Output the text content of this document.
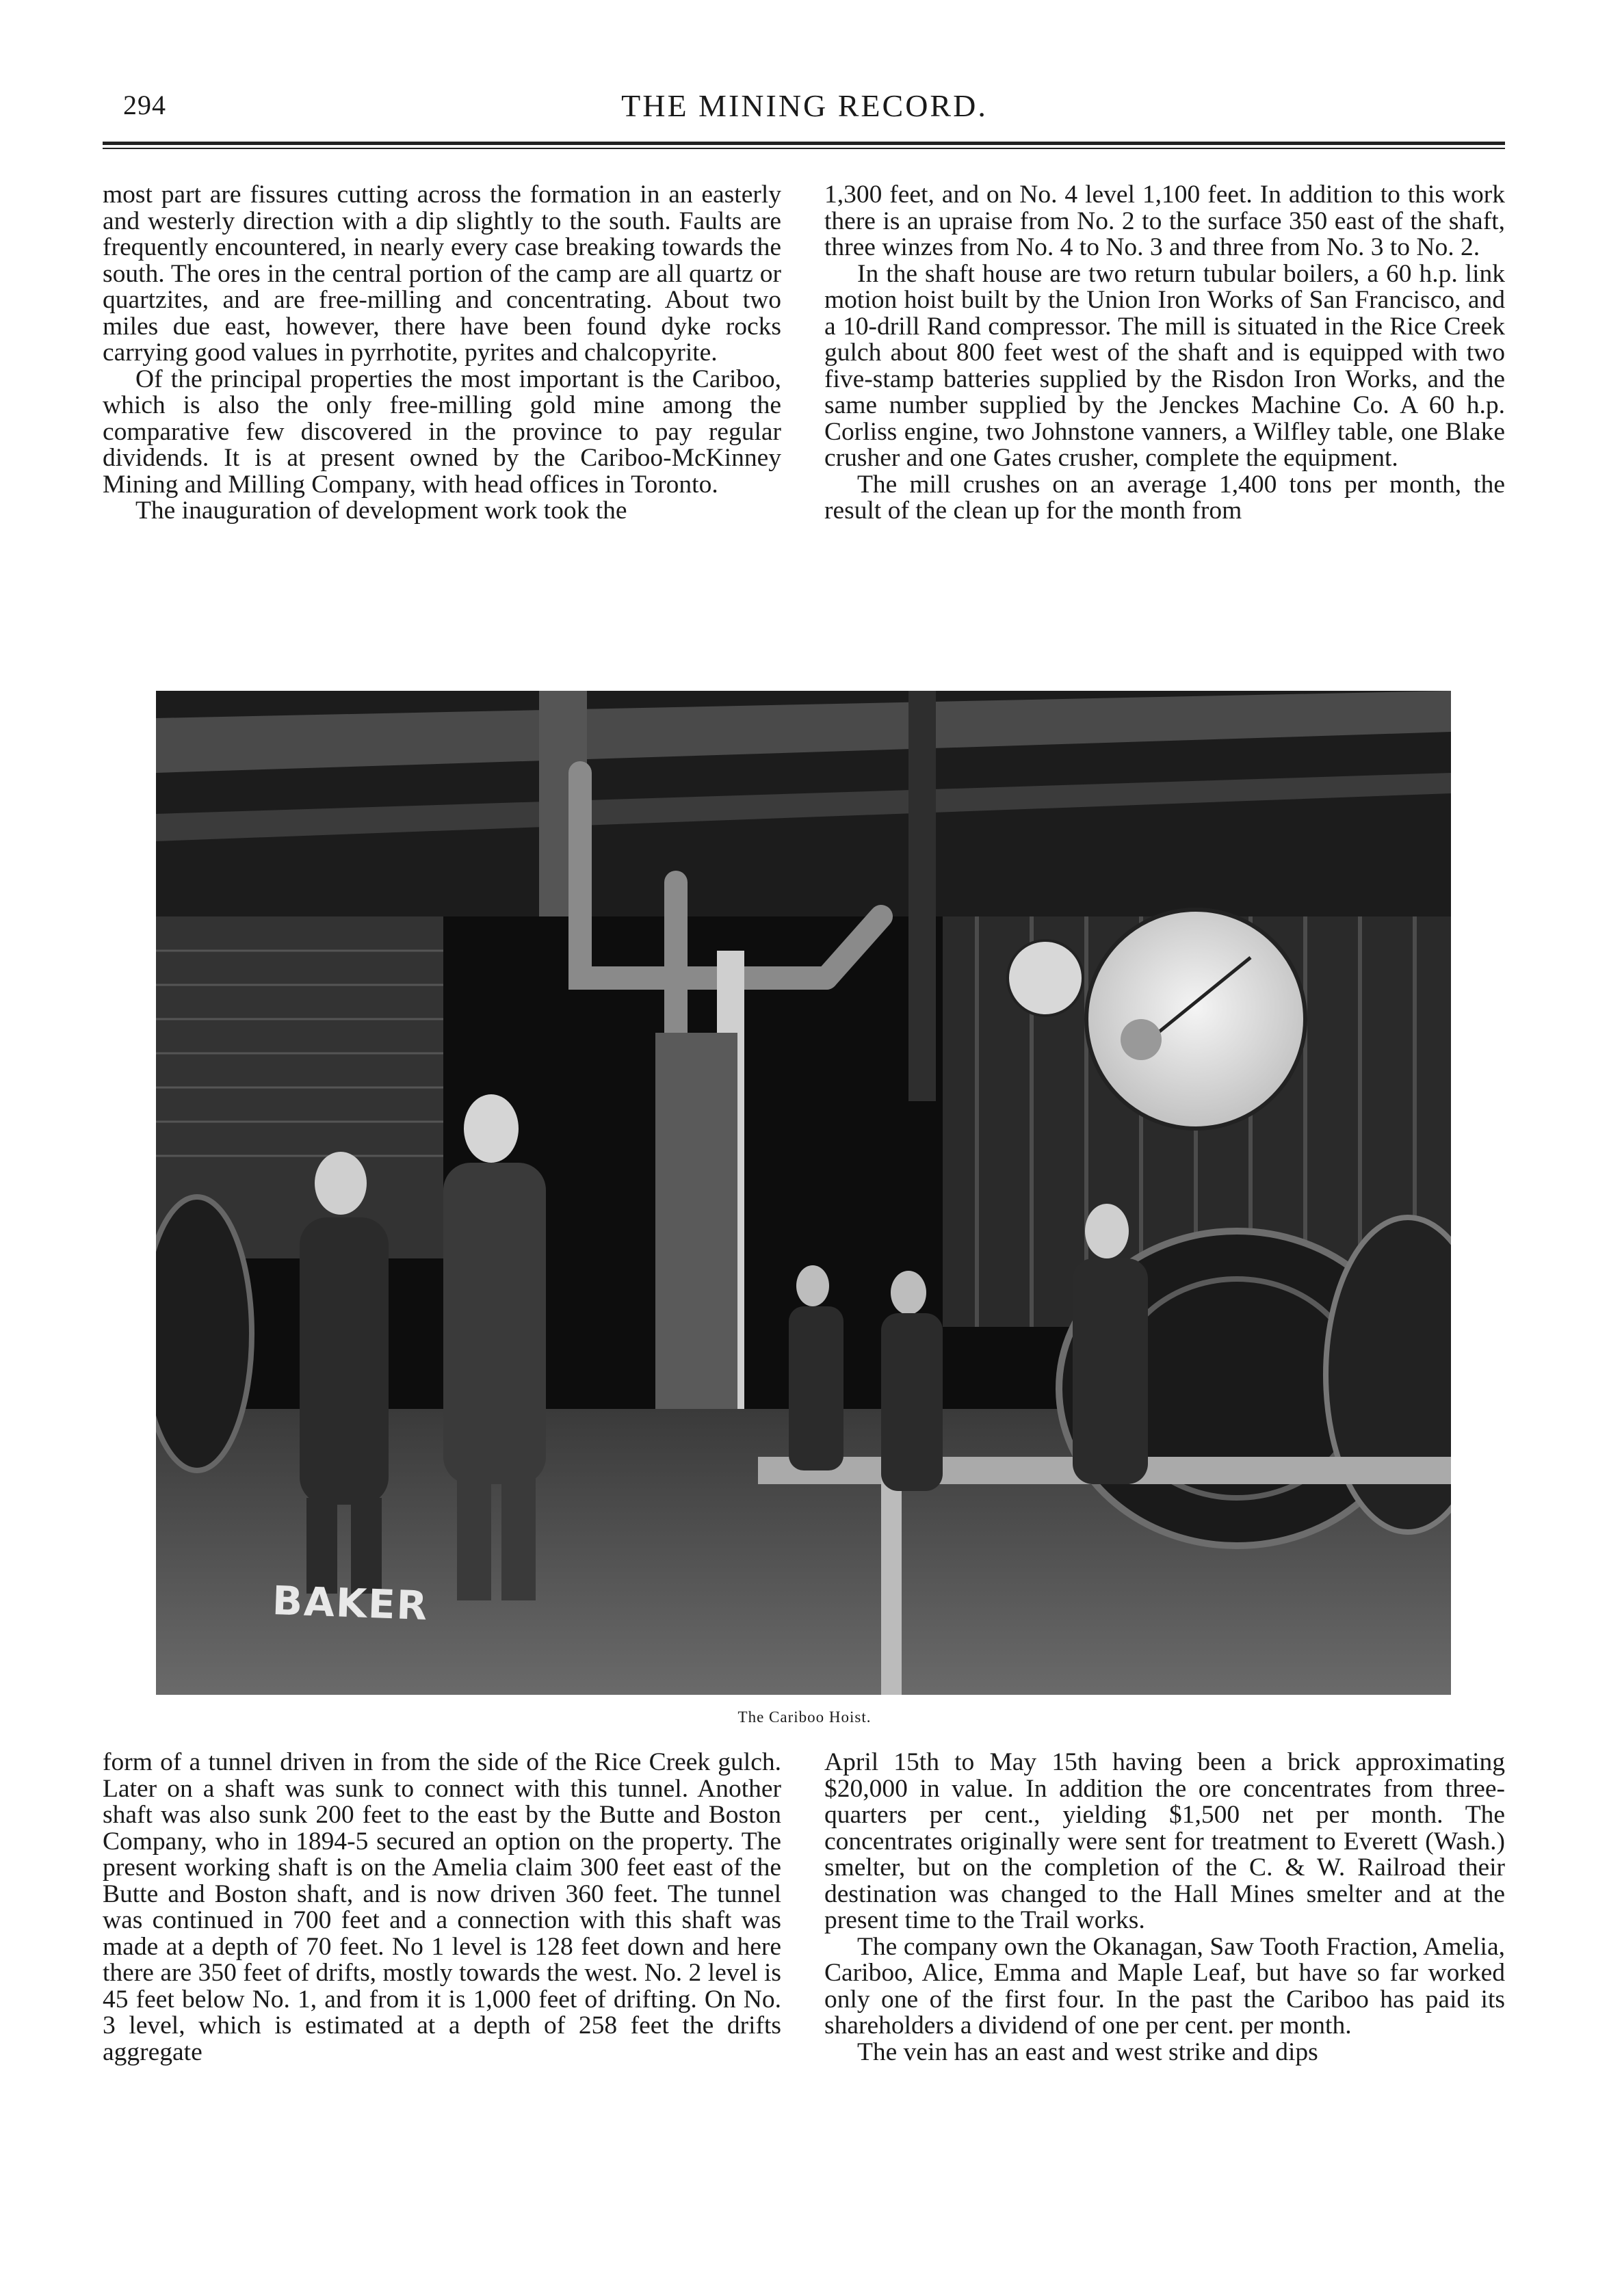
294	THE MINING RECORD.

most part are fissures cutting across the formation in an easterly and westerly direction with a dip slightly to the south. Faults are frequently encountered, in nearly every case breaking towards the south. The ores in the central portion of the camp are all quartz or quartzites, and are free-milling and concentrating. About two miles due east, however, there have been found dyke rocks carrying good values in pyrrhotite, pyrites and chalcopyrite.

Of the principal properties the most important is the Cariboo, which is also the only free-milling gold mine among the comparative few discovered in the province to pay regular dividends. It is at present owned by the Cariboo-McKinney Mining and Milling Company, with head offices in Toronto.

The inauguration of development work took the

1,300 feet, and on No. 4 level 1,100 feet. In addition to this work there is an upraise from No. 2 to the surface 350 east of the shaft, three winzes from No. 4 to No. 3 and three from No. 3 to No. 2.

In the shaft house are two return tubular boilers, a 60 h.p. link motion hoist built by the Union Iron Works of San Francisco, and a 10-drill Rand compressor. The mill is situated in the Rice Creek gulch about 800 feet west of the shaft and is equipped with two five-stamp batteries supplied by the Risdon Iron Works, and the same number supplied by the Jenckes Machine Co. A 60 h.p. Corliss engine, two Johnstone vanners, a Wilfley table, one Blake crusher and one Gates crusher, complete the equipment.

The mill crushes on an average 1,400 tons per month, the result of the clean up for the month from

BAKER
The Cariboo Hoist.

form of a tunnel driven in from the side of the Rice Creek gulch. Later on a shaft was sunk to connect with this tunnel. Another shaft was also sunk 200 feet to the east by the Butte and Boston Company, who in 1894-5 secured an option on the property. The present working shaft is on the Amelia claim 300 feet east of the Butte and Boston shaft, and is now driven 360 feet. The tunnel was continued in 700 feet and a connection with this shaft was made at a depth of 70 feet. No 1 level is 128 feet down and here there are 350 feet of drifts, mostly towards the west. No. 2 level is 45 feet below No. 1, and from it is 1,000 feet of drifting. On No. 3 level, which is estimated at a depth of 258 feet the drifts aggregate

April 15th to May 15th having been a brick approximating $20,000 in value. In addition the ore concentrates from three-quarters per cent., yielding $1,500 net per month. The concentrates originally were sent for treatment to Everett (Wash.) smelter, but on the completion of the C. & W. Railroad their destination was changed to the Hall Mines smelter and at the present time to the Trail works.

The company own the Okanagan, Saw Tooth Fraction, Amelia, Cariboo, Alice, Emma and Maple Leaf, but have so far worked only one of the first four. In the past the Cariboo has paid its shareholders a dividend of one per cent. per month.

The vein has an east and west strike and dips
